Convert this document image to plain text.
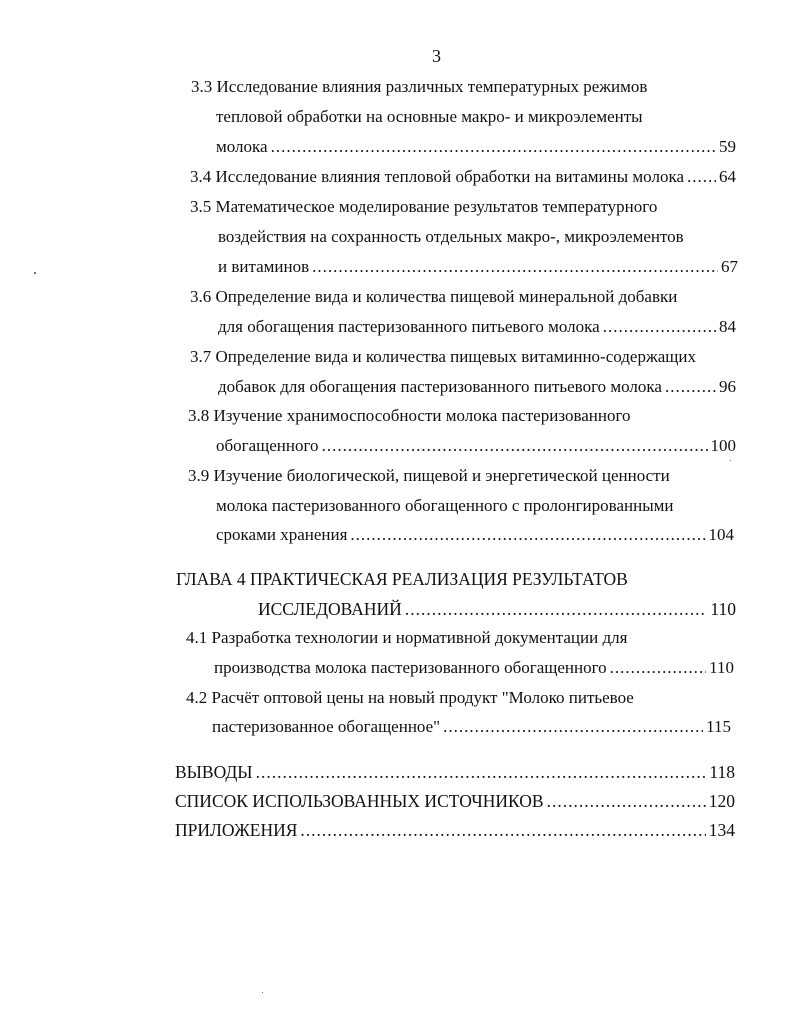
3
3.3 Исследование влияния различных температурных режимов
тепловой обработки на основные макро- и микроэлементы
молока .....	59
3.4 Исследование влияния тепловой обработки на витамины молока ..... 64
3.5 Математическое моделирование результатов температурного
воздействия на сохранность отдельных макро-, микроэлементов
и витаминов .....	67
3.6 Определение вида и количества пищевой минеральной добавки
для обогащения пастеризованного питьевого молока .....	84
3.7 Определение вида и количества пищевых витаминно-содержащих
добавок для обогащения пастеризованного питьевого молока .....	96
3.8 Изучение хранимоспособности молока пастеризованного
обогащенного .....	100
3.9 Изучение биологической, пищевой и энергетической ценности
молока пастеризованного обогащенного с пролонгированными
сроками хранения .....	104
ГЛАВА 4 ПРАКТИЧЕСКАЯ РЕАЛИЗАЦИЯ РЕЗУЛЬТАТОВ
ИССЛЕДОВАНИЙ .....	110
4.1 Разработка технологии и нормативной документации для
производства молока пастеризованного обогащенного .....	110
4.2 Расчёт оптовой цены на новый продукт "Молоко питьевое
пастеризованное обогащенное" .....	115
ВЫВОДЫ .....	118
СПИСОК ИСПОЛЬЗОВАННЫХ ИСТОЧНИКОВ .....	120
ПРИЛОЖЕНИЯ .....	134
